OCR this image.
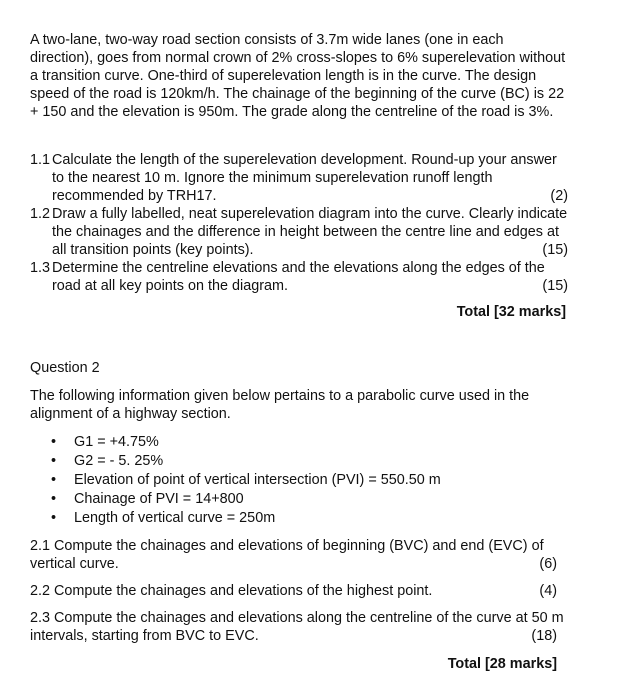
A two-lane, two-way road section consists of 3.7m wide lanes (one in each
direction), goes from normal crown of 2% cross-slopes to 6% superelevation without
a transition curve. One-third of superelevation length is in the curve. The design
speed of the road is 120km/h. The chainage of the beginning of the curve (BC) is 22
+ 150 and the elevation is 950m. The grade along the centreline of the road is 3%.
1.1 Calculate the length of the superelevation development. Round-up your answer
to the nearest 10 m. Ignore the minimum superelevation runoff length
recommended by TRH17.	(2)
1.2 Draw a fully labelled, neat superelevation diagram into the curve. Clearly indicate
the chainages and the difference in height between the centre line and edges at
all transition points (key points).	(15)
1.3 Determine the centreline elevations and the elevations along the edges of the
road at all key points on the diagram.	(15)
Total [32 marks]
Question 2
The following information given below pertains to a parabolic curve used in the
alignment of a highway section.
• G1 = +4.75%
• G2 = - 5. 25%
• Elevation of point of vertical intersection (PVI) = 550.50 m
• Chainage of PVI = 14+800
• Length of vertical curve = 250m
2.1 Compute the chainages and elevations of beginning (BVC) and end (EVC) of
vertical curve.	(6)
2.2 Compute the chainages and elevations of the highest point.	(4)
2.3 Compute the chainages and elevations along the centreline of the curve at 50 m
intervals, starting from BVC to EVC.	(18)
Total [28 marks]
